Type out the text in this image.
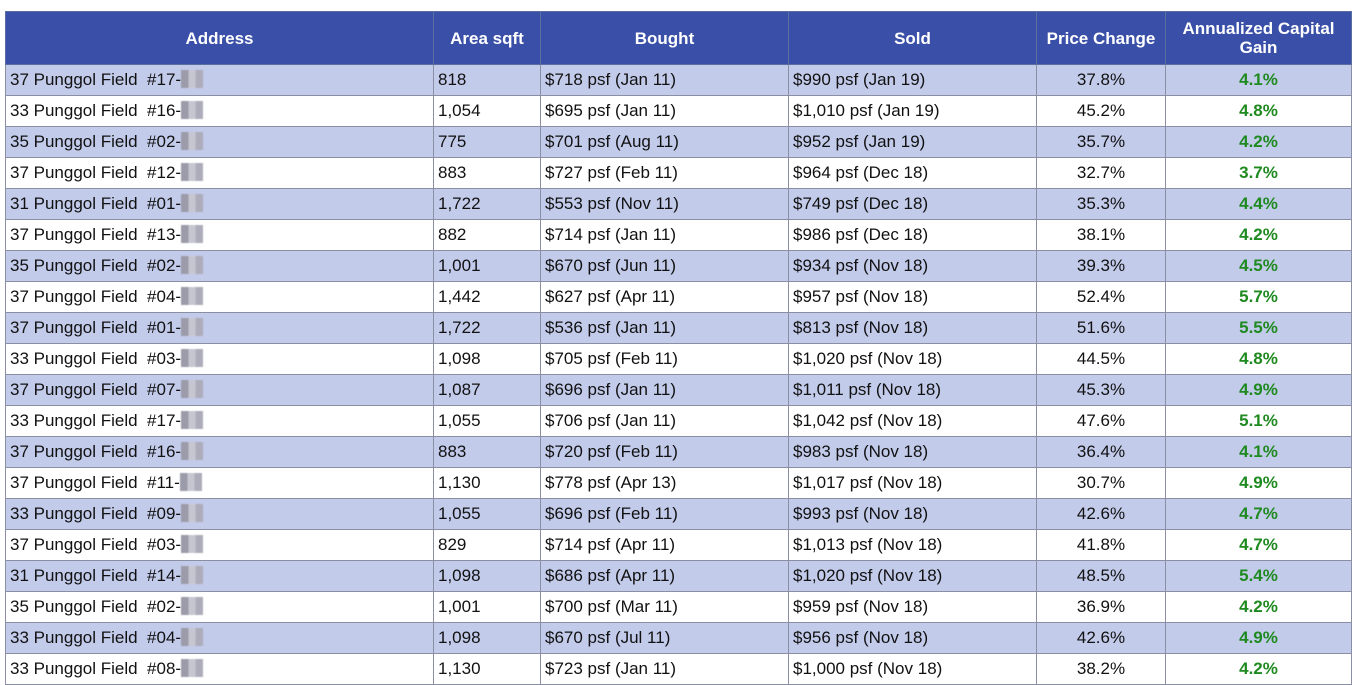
Address	Area sqft	Bought	Sold	Price Change	Annualized Capital Gain
37 Punggol Field  #17-	818	$718 psf (Jan 11)	$990 psf (Jan 19)	37.8%	4.1%
33 Punggol Field  #16-	1,054	$695 psf (Jan 11)	$1,010 psf (Jan 19)	45.2%	4.8%
35 Punggol Field  #02-	775	$701 psf (Aug 11)	$952 psf (Jan 19)	35.7%	4.2%
37 Punggol Field  #12-	883	$727 psf (Feb 11)	$964 psf (Dec 18)	32.7%	3.7%
31 Punggol Field  #01-	1,722	$553 psf (Nov 11)	$749 psf (Dec 18)	35.3%	4.4%
37 Punggol Field  #13-	882	$714 psf (Jan 11)	$986 psf (Dec 18)	38.1%	4.2%
35 Punggol Field  #02-	1,001	$670 psf (Jun 11)	$934 psf (Nov 18)	39.3%	4.5%
37 Punggol Field  #04-	1,442	$627 psf (Apr 11)	$957 psf (Nov 18)	52.4%	5.7%
37 Punggol Field  #01-	1,722	$536 psf (Jan 11)	$813 psf (Nov 18)	51.6%	5.5%
33 Punggol Field  #03-	1,098	$705 psf (Feb 11)	$1,020 psf (Nov 18)	44.5%	4.8%
37 Punggol Field  #07-	1,087	$696 psf (Jan 11)	$1,011 psf (Nov 18)	45.3%	4.9%
33 Punggol Field  #17-	1,055	$706 psf (Jan 11)	$1,042 psf (Nov 18)	47.6%	5.1%
37 Punggol Field  #16-	883	$720 psf (Feb 11)	$983 psf (Nov 18)	36.4%	4.1%
37 Punggol Field  #11-	1,130	$778 psf (Apr 13)	$1,017 psf (Nov 18)	30.7%	4.9%
33 Punggol Field  #09-	1,055	$696 psf (Feb 11)	$993 psf (Nov 18)	42.6%	4.7%
37 Punggol Field  #03-	829	$714 psf (Apr 11)	$1,013 psf (Nov 18)	41.8%	4.7%
31 Punggol Field  #14-	1,098	$686 psf (Apr 11)	$1,020 psf (Nov 18)	48.5%	5.4%
35 Punggol Field  #02-	1,001	$700 psf (Mar 11)	$959 psf (Nov 18)	36.9%	4.2%
33 Punggol Field  #04-	1,098	$670 psf (Jul 11)	$956 psf (Nov 18)	42.6%	4.9%
33 Punggol Field  #08-	1,130	$723 psf (Jan 11)	$1,000 psf (Nov 18)	38.2%	4.2%
